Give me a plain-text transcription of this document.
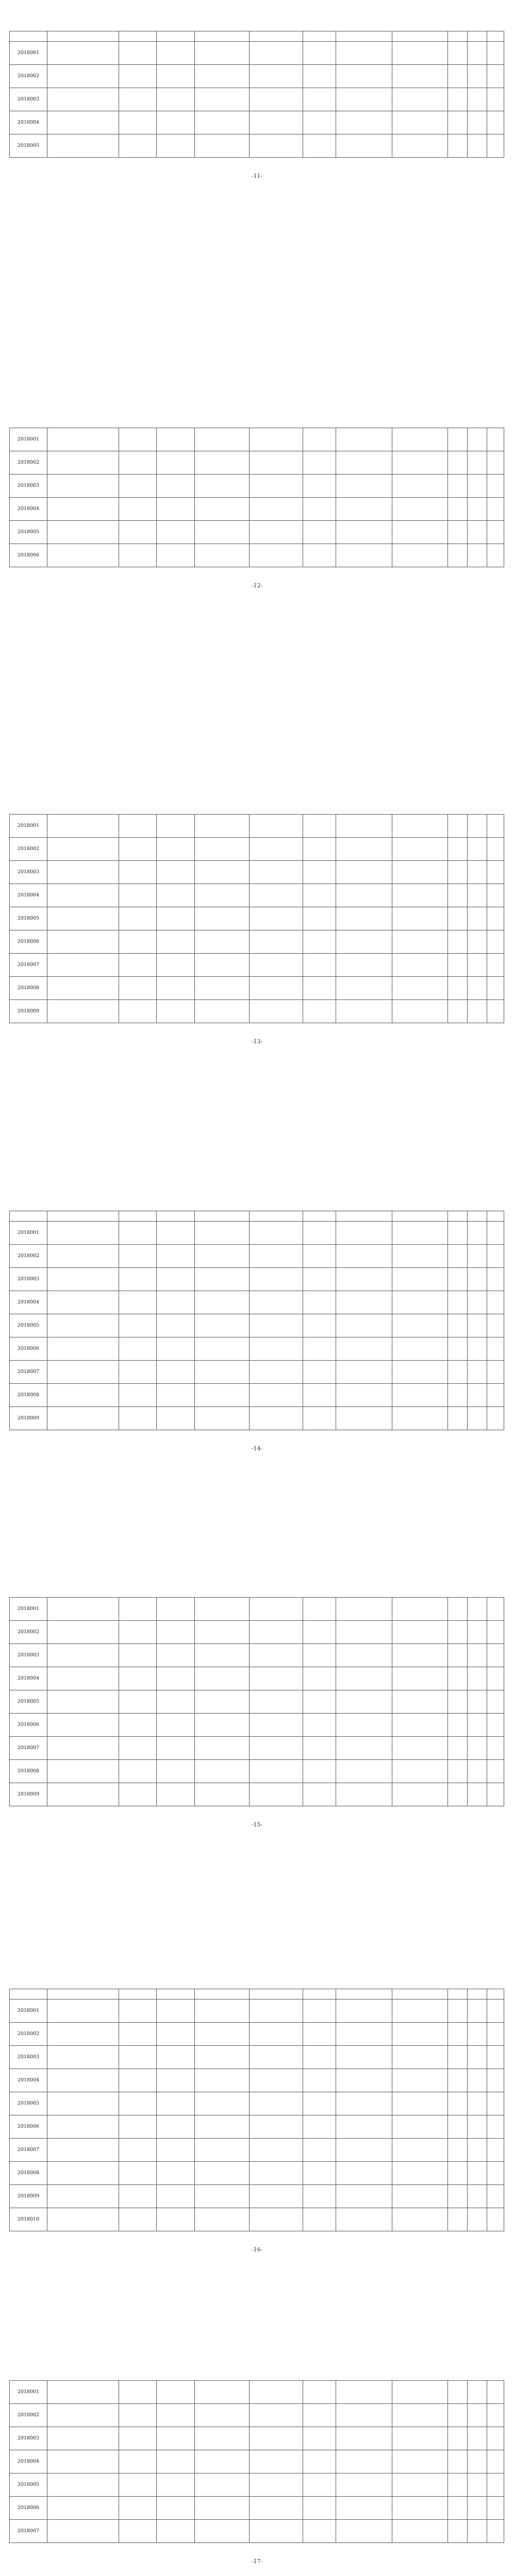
2018001											
2018002											
2018003											
2018004											
2018005											
-11-
2018001											
2018002											
2018003											
2018004											
2018005											
2018006											
-12-
2018001											
2018002											
2018003											
2018004											
2018005											
2018006											
2018007											
2018008											
2018009											
-13-

2018001											
2018002											
2018003											
2018004											
2018005											
2018006											
2018007											
2018008											
2018009											
-14-
2018001											
2018002											
2018003											
2018004											
2018005											
2018006											
2018007											
2018008											
2018009											
-15-

2018001											
2018002											
2018003											
2018004											
2018005											
2018006											
2018007											
2018008											
2018009											
2018010											
-16-
2018001											
2018002											
2018003											
2018004											
2018005											
2018006											
2018007											
-17-
